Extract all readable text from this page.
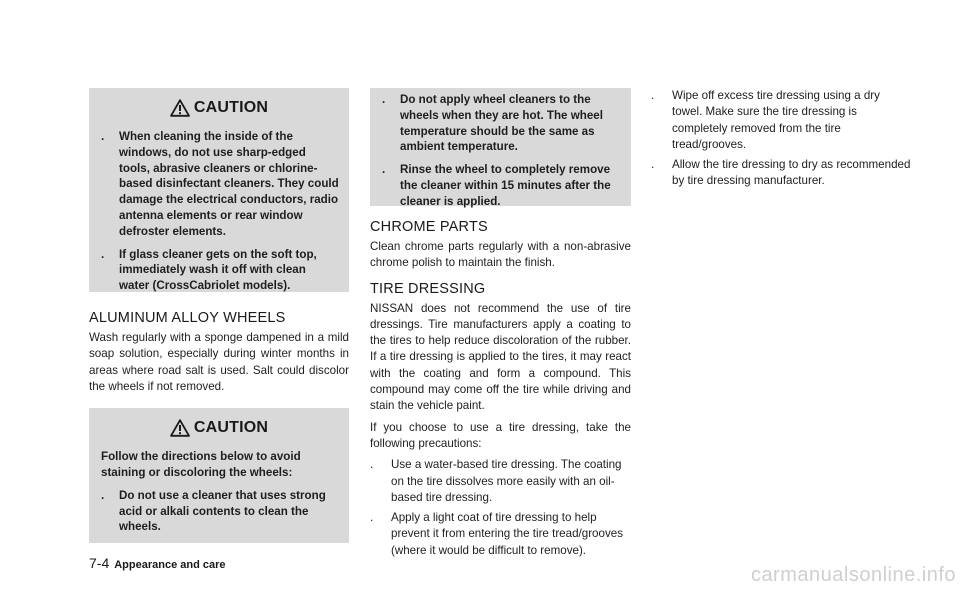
CAUTION
. When cleaning the inside of the windows, do not use sharp-edged tools, abrasive cleaners or chlorine-based disinfectant cleaners. They could damage the electrical conductors, radio antenna elements or rear window defroster elements.
. If glass cleaner gets on the soft top, immediately wash it off with clean water (CrossCabriolet models).
ALUMINUM ALLOY WHEELS

Wash regularly with a sponge dampened in a mild soap solution, especially during winter months in areas where road salt is used. Salt could discolor the wheels if not removed.

CAUTION

Follow the directions below to avoid staining or discoloring the wheels:

. Do not use a cleaner that uses strong acid or alkali contents to clean the wheels.
. Do not apply wheel cleaners to the wheels when they are hot. The wheel temperature should be the same as ambient temperature.
. Rinse the wheel to completely remove the cleaner within 15 minutes after the cleaner is applied.
CHROME PARTS

Clean chrome parts regularly with a non-abrasive chrome polish to maintain the finish.

TIRE DRESSING

NISSAN does not recommend the use of tire dressings. Tire manufacturers apply a coating to the tires to help reduce discoloration of the rubber. If a tire dressing is applied to the tires, it may react with the coating and form a compound. This compound may come off the tire while driving and stain the vehicle paint.

If you choose to use a tire dressing, take the following precautions:

. Use a water-based tire dressing. The coating on the tire dissolves more easily with an oil-based tire dressing.
. Apply a light coat of tire dressing to help prevent it from entering the tire tread/grooves (where it would be difficult to remove).
. Wipe off excess tire dressing using a dry towel. Make sure the tire dressing is completely removed from the tire tread/grooves.
. Allow the tire dressing to dry as recommended by tire dressing manufacturer.
7-4 Appearance and care	carmanualsonline.info
